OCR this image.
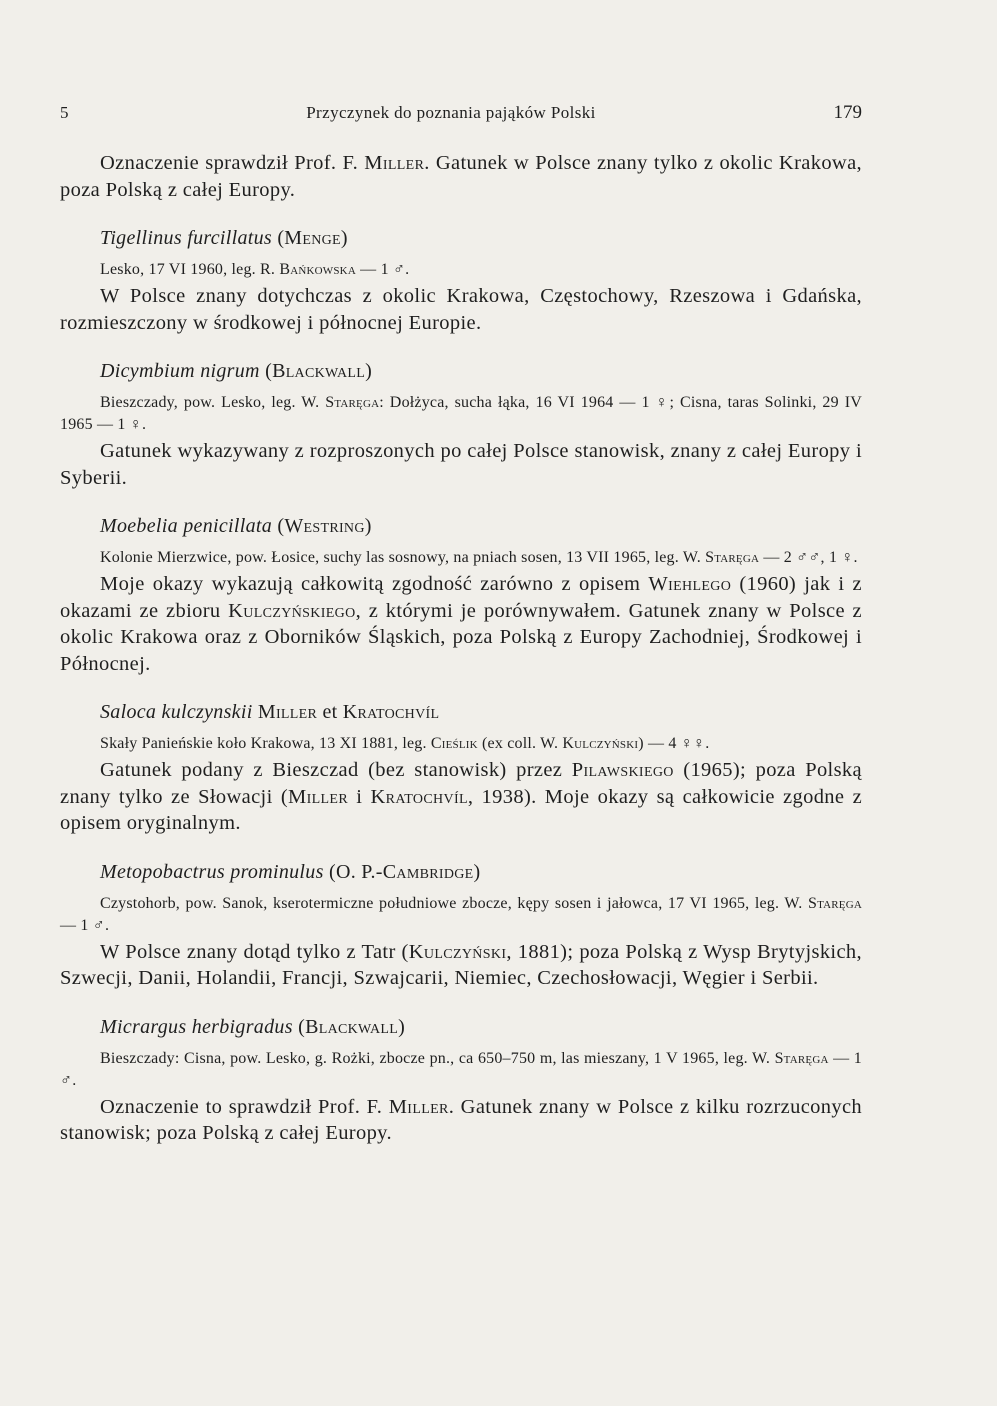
5	Przyczynek do poznania pająków Polski	179

Oznaczenie sprawdził Prof. F. Miller. Gatunek w Polsce znany tylko z okolic Krakowa, poza Polską z całej Europy.

Tigellinus furcillatus (Menge)

Lesko, 17 VI 1960, leg. R. Bańkowska — 1 ♂.

W Polsce znany dotychczas z okolic Krakowa, Częstochowy, Rzeszowa i Gdańska, rozmieszczony w środkowej i północnej Europie.

Dicymbium nigrum (Blackwall)

Bieszczady, pow. Lesko, leg. W. Staręga: Dołżyca, sucha łąka, 16 VI 1964 — 1 ♀; Cisna, taras Solinki, 29 IV 1965 — 1 ♀.

Gatunek wykazywany z rozproszonych po całej Polsce stanowisk, znany z całej Europy i Syberii.

Moebelia penicillata (Westring)

Kolonie Mierzwice, pow. Łosice, suchy las sosnowy, na pniach sosen, 13 VII 1965, leg. W. Staręga — 2 ♂♂, 1 ♀.

Moje okazy wykazują całkowitą zgodność zarówno z opisem Wiehlego (1960) jak i z okazami ze zbioru Kulczyńskiego, z którymi je porównywałem. Gatunek znany w Polsce z okolic Krakowa oraz z Oborników Śląskich, poza Polską z Europy Zachodniej, Środkowej i Północnej.

Saloca kulczynskii Miller et Kratochvíl

Skały Panieńskie koło Krakowa, 13 XI 1881, leg. Cieślik (ex coll. W. Kulczyński) — 4 ♀♀.

Gatunek podany z Bieszczad (bez stanowisk) przez Pilawskiego (1965); poza Polską znany tylko ze Słowacji (Miller i Kratochvíl, 1938). Moje okazy są całkowicie zgodne z opisem oryginalnym.

Metopobactrus prominulus (O. P.-Cambridge)

Czystohorb, pow. Sanok, kserotermiczne południowe zbocze, kępy sosen i jałowca, 17 VI 1965, leg. W. Staręga — 1 ♂.

W Polsce znany dotąd tylko z Tatr (Kulczyński, 1881); poza Polską z Wysp Brytyjskich, Szwecji, Danii, Holandii, Francji, Szwajcarii, Niemiec, Czechosłowacji, Węgier i Serbii.

Micrargus herbigradus (Blackwall)

Bieszczady: Cisna, pow. Lesko, g. Rożki, zbocze pn., ca 650–750 m, las mieszany, 1 V 1965, leg. W. Staręga — 1 ♂.

Oznaczenie to sprawdził Prof. F. Miller. Gatunek znany w Polsce z kilku rozrzuconych stanowisk; poza Polską z całej Europy.
